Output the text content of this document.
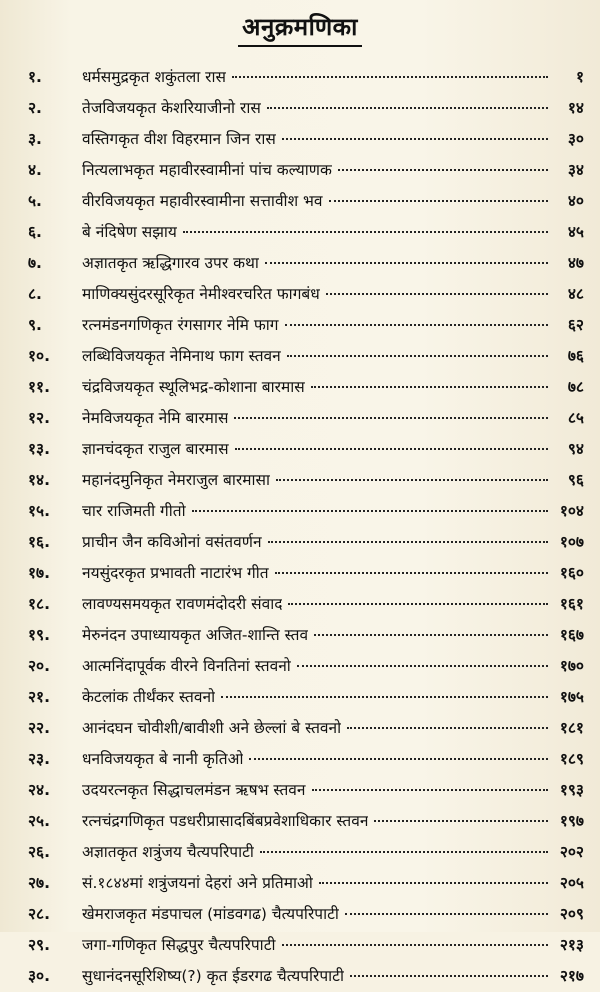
अनुक्रमणिका
१.	धर्मसमुद्रकृत शकुंतला रास	१
२.	तेजविजयकृत केशरियाजीनो रास	१४
३.	वस्तिगकृत वीश विहरमान जिन रास	३०
४.	नित्यलाभकृत महावीरस्वामीनां पांच कल्याणक	३४
५.	वीरविजयकृत महावीरस्वामीना सत्तावीश भव	४०
६.	बे नंदिषेण सझाय	४५
७.	अज्ञातकृत ऋद्धिगारव उपर कथा	४७
८.	माणिक्यसुंदरसूरिकृत नेमीश्वरचरित फागबंध	४८
९.	रत्नमंडनगणिकृत रंगसागर नेमि फाग	६२
१०.	लब्धिविजयकृत नेमिनाथ फाग स्तवन	७६
११.	चंद्रविजयकृत स्थूलिभद्र-कोशाना बारमास	७८
१२.	नेमविजयकृत नेमि बारमास	८५
१३.	ज्ञानचंदकृत राजुल बारमास	९४
१४.	महानंदमुनिकृत नेमराजुल बारमासा	९६
१५.	चार राजिमती गीतो	१०४
१६.	प्राचीन जैन कविओनां वसंतवर्णन	१०७
१७.	नयसुंदरकृत प्रभावती नाटारंभ गीत	१६०
१८.	लावण्यसमयकृत रावणमंदोदरी संवाद	१६१
१९.	मेरुनंदन उपाध्यायकृत अजित-शान्ति स्तव	१६७
२०.	आत्मनिंदापूर्वक वीरने विनतिनां स्तवनो	१७०
२१.	केटलांक तीर्थंकर स्तवनो	१७५
२२.	आनंदघन चोवीशी/बावीशी अने छेल्लां बे स्तवनो	१८१
२३.	धनविजयकृत बे नानी कृतिओ	१८९
२४.	उदयरत्नकृत सिद्धाचलमंडन ऋषभ स्तवन	१९३
२५.	रत्नचंद्रगणिकृत पडधरीप्रासादबिंबप्रवेशाधिकार स्तवन	१९७
२६.	अज्ञातकृत शत्रुंजय चैत्यपरिपाटी	२०२
२७.	सं.१८४४मां शत्रुंजयनां देहरां अने प्रतिमाओ	२०५
२८.	खेमराजकृत मंडपाचल (मांडवगढ) चैत्यपरिपाटी	२०९
२९.	जगा-गणिकृत सिद्धपुर चैत्यपरिपाटी	२१३
३०.	सुधानंदनसूरिशिष्य(?) कृत ईडरगढ चैत्यपरिपाटी	२१७
